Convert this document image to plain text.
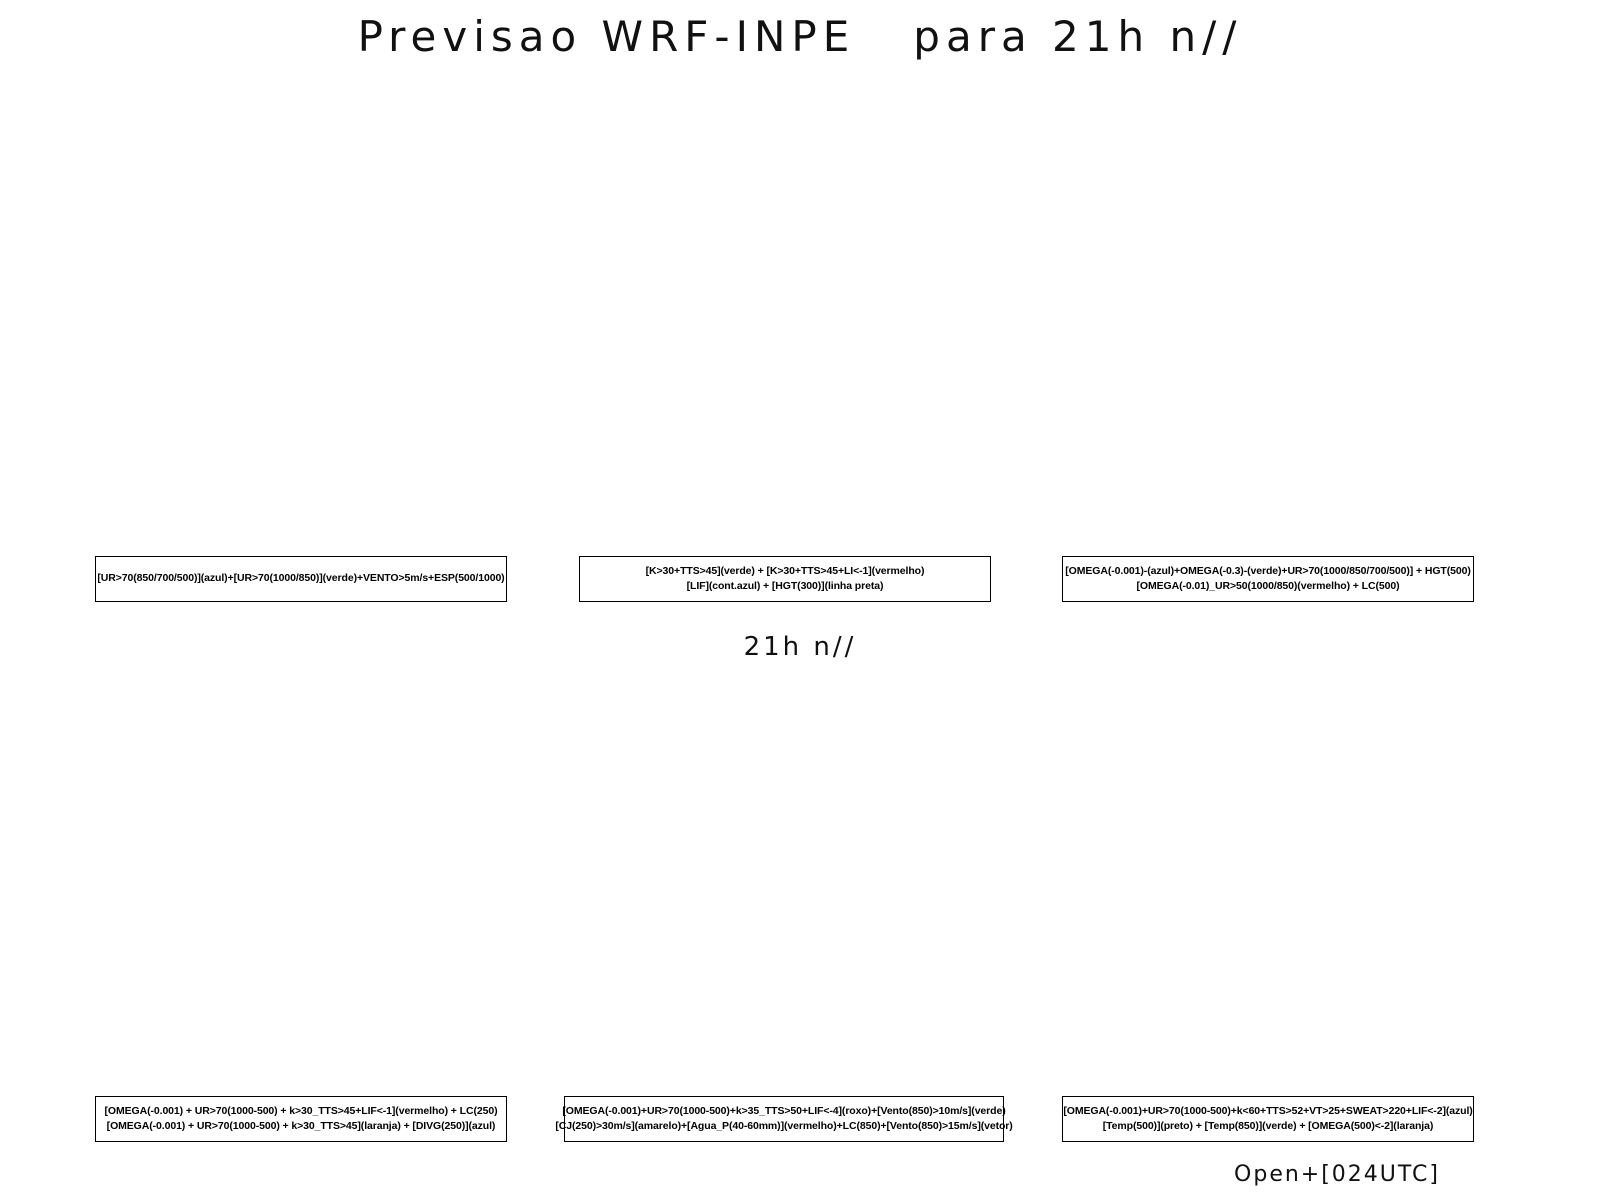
Previsao WRF-INPE   para 21h n//
[UR>70(850/700/500)](azul)+[UR>70(1000/850)](verde)+VENTO>5m/s+ESP(500/1000)
[K>30+TTS>45](verde) + [K>30+TTS>45+LI<-1](vermelho)
[LIF](cont.azul) + [HGT(300)](linha preta)
[OMEGA(-0.001)-(azul)+OMEGA(-0.3)-(verde)+UR>70(1000/850/700/500)] + HGT(500)
[OMEGA(-0.01)_UR>50(1000/850)(vermelho) + LC(500)
21h n//
[OMEGA(-0.001) + UR>70(1000-500) + k>30_TTS>45+LIF<-1](vermelho) + LC(250)
[OMEGA(-0.001) + UR>70(1000-500) + k>30_TTS>45](laranja) + [DIVG(250)](azul)
[OMEGA(-0.001)+UR>70(1000-500)+k>35_TTS>50+LIF<-4](roxo)+[Vento(850)>10m/s](verde)
[CJ(250)>30m/s](amarelo)+[Agua_P(40-60mm)](vermelho)+LC(850)+[Vento(850)>15m/s](vetor)
[OMEGA(-0.001)+UR>70(1000-500)+k<60+TTS>52+VT>25+SWEAT>220+LIF<-2](azul)
[Temp(500)](preto) + [Temp(850)](verde) + [OMEGA(500)<-2](laranja)
Open+[024UTC]
